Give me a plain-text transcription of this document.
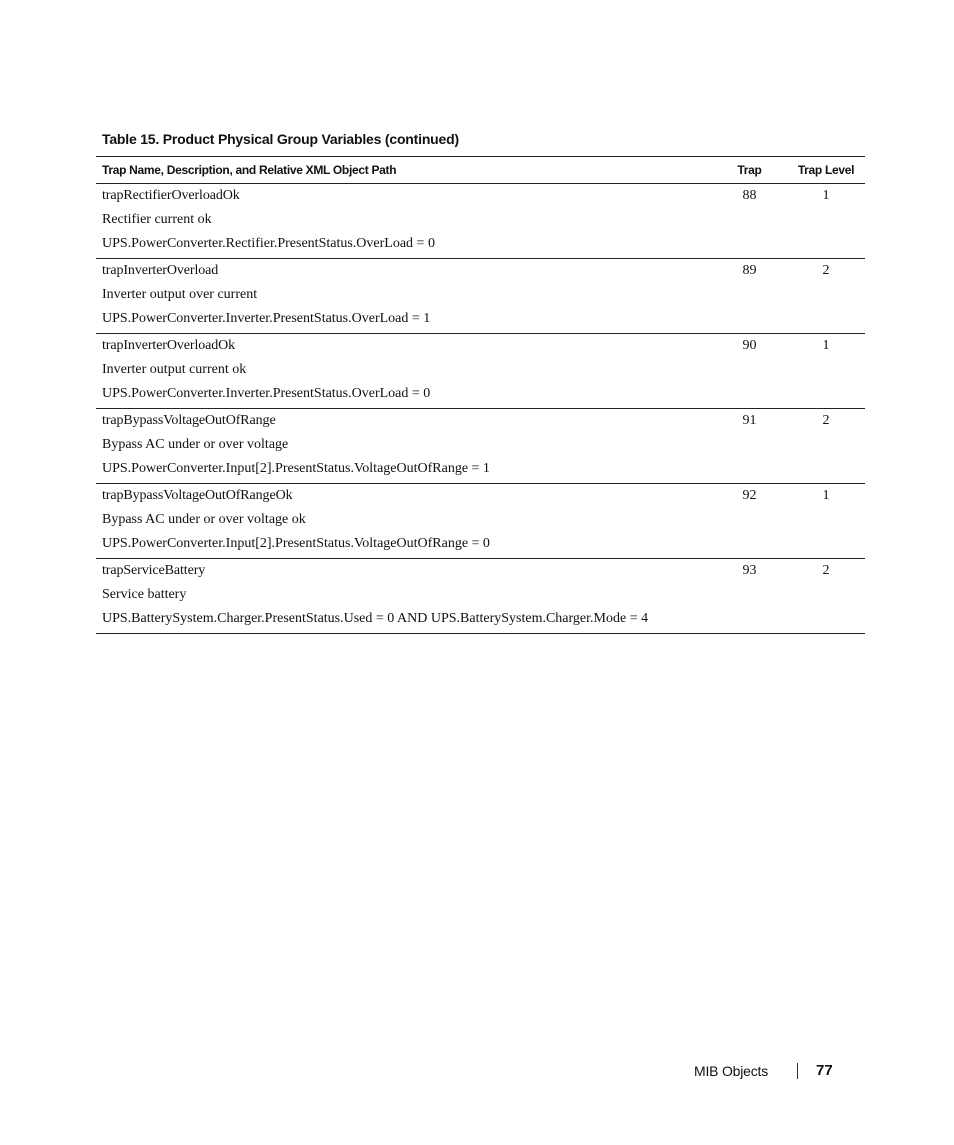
Table 15. Product Physical Group Variables (continued)
Trap Name, Description, and Relative XML Object Path	Trap	Trap Level

trapRectifierOverloadOk
Rectifier current ok
UPS.PowerConverter.Rectifier.PresentStatus.OverLoad = 0	88	1

trapInverterOverload
Inverter output over current
UPS.PowerConverter.Inverter.PresentStatus.OverLoad = 1	89	2

trapInverterOverloadOk
Inverter output current ok
UPS.PowerConverter.Inverter.PresentStatus.OverLoad = 0	90	1

trapBypassVoltageOutOfRange
Bypass AC under or over voltage
UPS.PowerConverter.Input[2].PresentStatus.VoltageOutOfRange = 1	91	2

trapBypassVoltageOutOfRangeOk
Bypass AC under or over voltage ok
UPS.PowerConverter.Input[2].PresentStatus.VoltageOutOfRange = 0	92	1

trapServiceBattery
Service battery
UPS.BatterySystem.Charger.PresentStatus.Used = 0 AND UPS.BatterySystem.Charger.Mode = 4	93	2
MIB Objects	77
